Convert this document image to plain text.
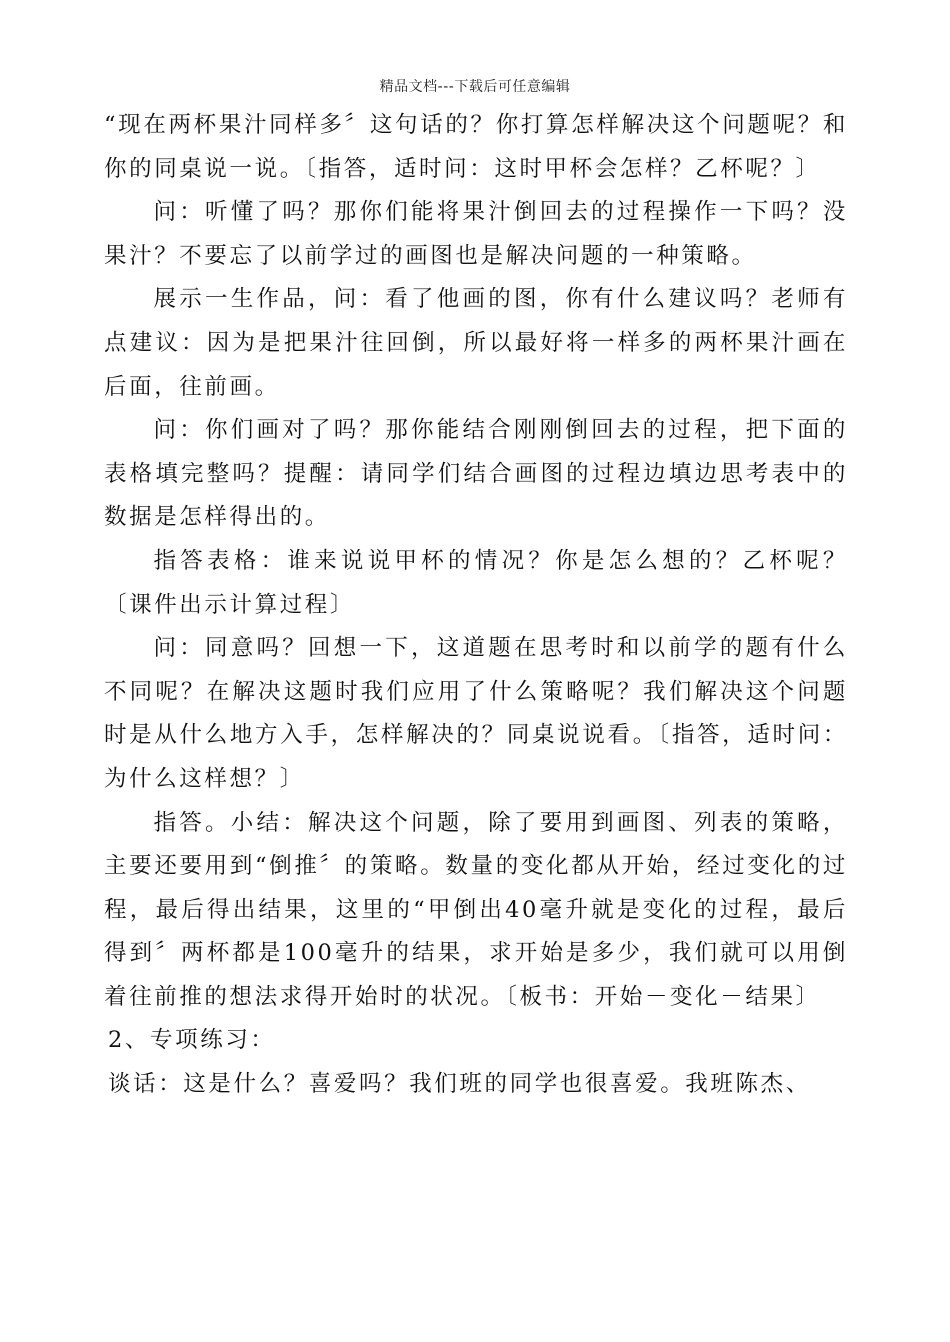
精品文档---下载后可任意编辑

“现在两杯果汁同样多〞这句话的？你打算怎样解决这个问题呢？和你的同桌说一说。〔指答，适时问：这时甲杯会怎样？乙杯呢？〕

问：听懂了吗？那你们能将果汁倒回去的过程操作一下吗？没果汁？不要忘了以前学过的画图也是解决问题的一种策略。

展示一生作品，问：看了他画的图，你有什么建议吗？老师有点建议：因为是把果汁往回倒，所以最好将一样多的两杯果汁画在后面，往前画。

问：你们画对了吗？那你能结合刚刚倒回去的过程，把下面的表格填完整吗？提醒：请同学们结合画图的过程边填边思考表中的数据是怎样得出的。

指答表格：谁来说说甲杯的情况？你是怎么想的？乙杯呢？〔课件出示计算过程〕

问：同意吗？回想一下，这道题在思考时和以前学的题有什么不同呢？在解决这题时我们应用了什么策略呢？我们解决这个问题时是从什么地方入手，怎样解决的？同桌说说看。〔指答，适时问：为什么这样想？〕

指答。小结：解决这个问题，除了要用到画图、列表的策略，主要还要用到“倒推〞的策略。数量的变化都从开始，经过变化的过程，最后得出结果，这里的“甲倒出40毫升就是变化的过程，最后得到〞两杯都是100毫升的结果，求开始是多少，我们就可以用倒着往前推的想法求得开始时的状况。〔板书：开始－变化－结果〕

2、专项练习：

谈话：这是什么？喜爱吗？我们班的同学也很喜爱。我班陈杰、
